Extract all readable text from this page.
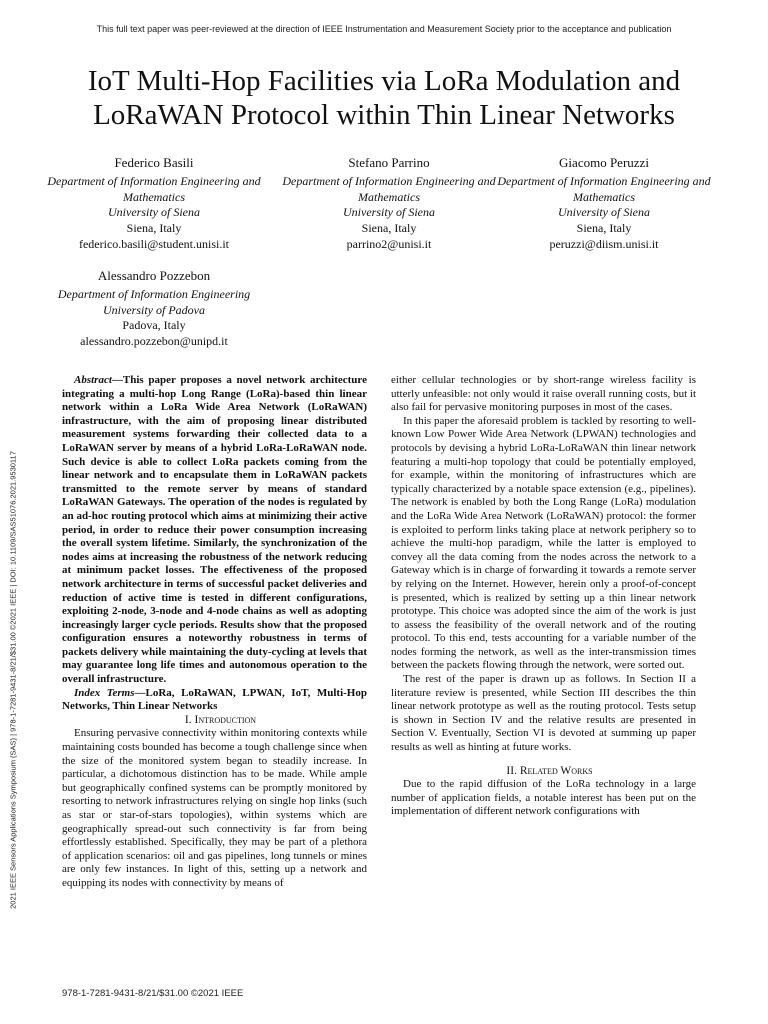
This full text paper was peer-reviewed at the direction of IEEE Instrumentation and Measurement Society prior to the acceptance and publication
IoT Multi-Hop Facilities via LoRa Modulation and LoRaWAN Protocol within Thin Linear Networks
Federico Basili
Department of Information Engineering and Mathematics
University of Siena
Siena, Italy
federico.basili@student.unisi.it
Stefano Parrino
Department of Information Engineering and Mathematics
University of Siena
Siena, Italy
parrino2@unisi.it
Giacomo Peruzzi
Department of Information Engineering and Mathematics
University of Siena
Siena, Italy
peruzzi@diism.unisi.it
Alessandro Pozzebon
Department of Information Engineering
University of Padova
Padova, Italy
alessandro.pozzebon@unipd.it
2021 IEEE Sensors Applications Symposium (SAS) | 978-1-7281-9431-8/21/$31.00 ©2021 IEEE | DOI: 10.1109/SAS51076.2021.9530117

Abstract—This paper proposes a novel network architecture integrating a multi-hop Long Range (LoRa)-based thin linear network within a LoRa Wide Area Network (LoRaWAN) infrastructure, with the aim of proposing linear distributed measurement systems forwarding their collected data to a LoRaWAN server by means of a hybrid LoRa-LoRaWAN node. Such device is able to collect LoRa packets coming from the linear network and to encapsulate them in LoRaWAN packets transmitted to the remote server by means of standard LoRaWAN Gateways. The operation of the nodes is regulated by an ad-hoc routing protocol which aims at minimizing their active period, in order to reduce their power consumption increasing the overall system lifetime. Similarly, the synchronization of the nodes aims at increasing the robustness of the network reducing at minimum packet losses. The effectiveness of the proposed network architecture in terms of successful packet deliveries and reduction of active time is tested in different configurations, exploiting 2-node, 3-node and 4-node chains as well as adopting increasingly larger cycle periods. Results show that the proposed configuration ensures a noteworthy robustness in terms of packets delivery while maintaining the duty-cycling at levels that may guarantee long life times and autonomous operation to the overall infrastructure.

Index Terms—LoRa, LoRaWAN, LPWAN, IoT, Multi-Hop Networks, Thin Linear Networks

I. Introduction

Ensuring pervasive connectivity within monitoring contexts while maintaining costs bounded has become a tough challenge since when the size of the monitored system began to steadily increase. In particular, a dichotomous distinction has to be made. While ample but geographically confined systems can be promptly monitored by resorting to network infrastructures relying on single hop links (such as star or star-of-stars topologies), within systems which are geographically spread-out such connectivity is far from being effortlessly established. Specifically, they may be part of a plethora of application scenarios: oil and gas pipelines, long tunnels or mines are only few instances. In light of this, setting up a network and equipping its nodes with connectivity by means of

either cellular technologies or by short-range wireless facility is utterly unfeasible: not only would it raise overall running costs, but it also fail for pervasive monitoring purposes in most of the cases.

In this paper the aforesaid problem is tackled by resorting to well-known Low Power Wide Area Network (LPWAN) technologies and protocols by devising a hybrid LoRa-LoRaWAN thin linear network featuring a multi-hop topology that could be potentially employed, for example, within the monitoring of infrastructures which are typically characterized by a notable space extension (e.g., pipelines). The network is enabled by both the Long Range (LoRa) modulation and the LoRa Wide Area Network (LoRaWAN) protocol: the former is exploited to perform links taking place at network periphery so to achieve the multi-hop paradigm, while the latter is employed to convey all the data coming from the nodes across the network to a Gateway which is in charge of forwarding it towards a remote server by relying on the Internet. However, herein only a proof-of-concept is presented, which is realized by setting up a thin linear network prototype. This choice was adopted since the aim of the work is just to assess the feasibility of the overall network and of the routing protocol. To this end, tests accounting for a variable number of the nodes forming the network, as well as the inter-transmission times between the packets flowing through the network, were sorted out.

The rest of the paper is drawn up as follows. In Section II a literature review is presented, while Section III describes the thin linear network prototype as well as the routing protocol. Tests setup is shown in Section IV and the relative results are presented in Section V. Eventually, Section VI is devoted at summing up paper results as well as hinting at future works.

II. Related Works

Due to the rapid diffusion of the LoRa technology in a large number of application fields, a notable interest has been put on the implementation of different network configurations with

978-1-7281-9431-8/21/$31.00 ©2021 IEEE
